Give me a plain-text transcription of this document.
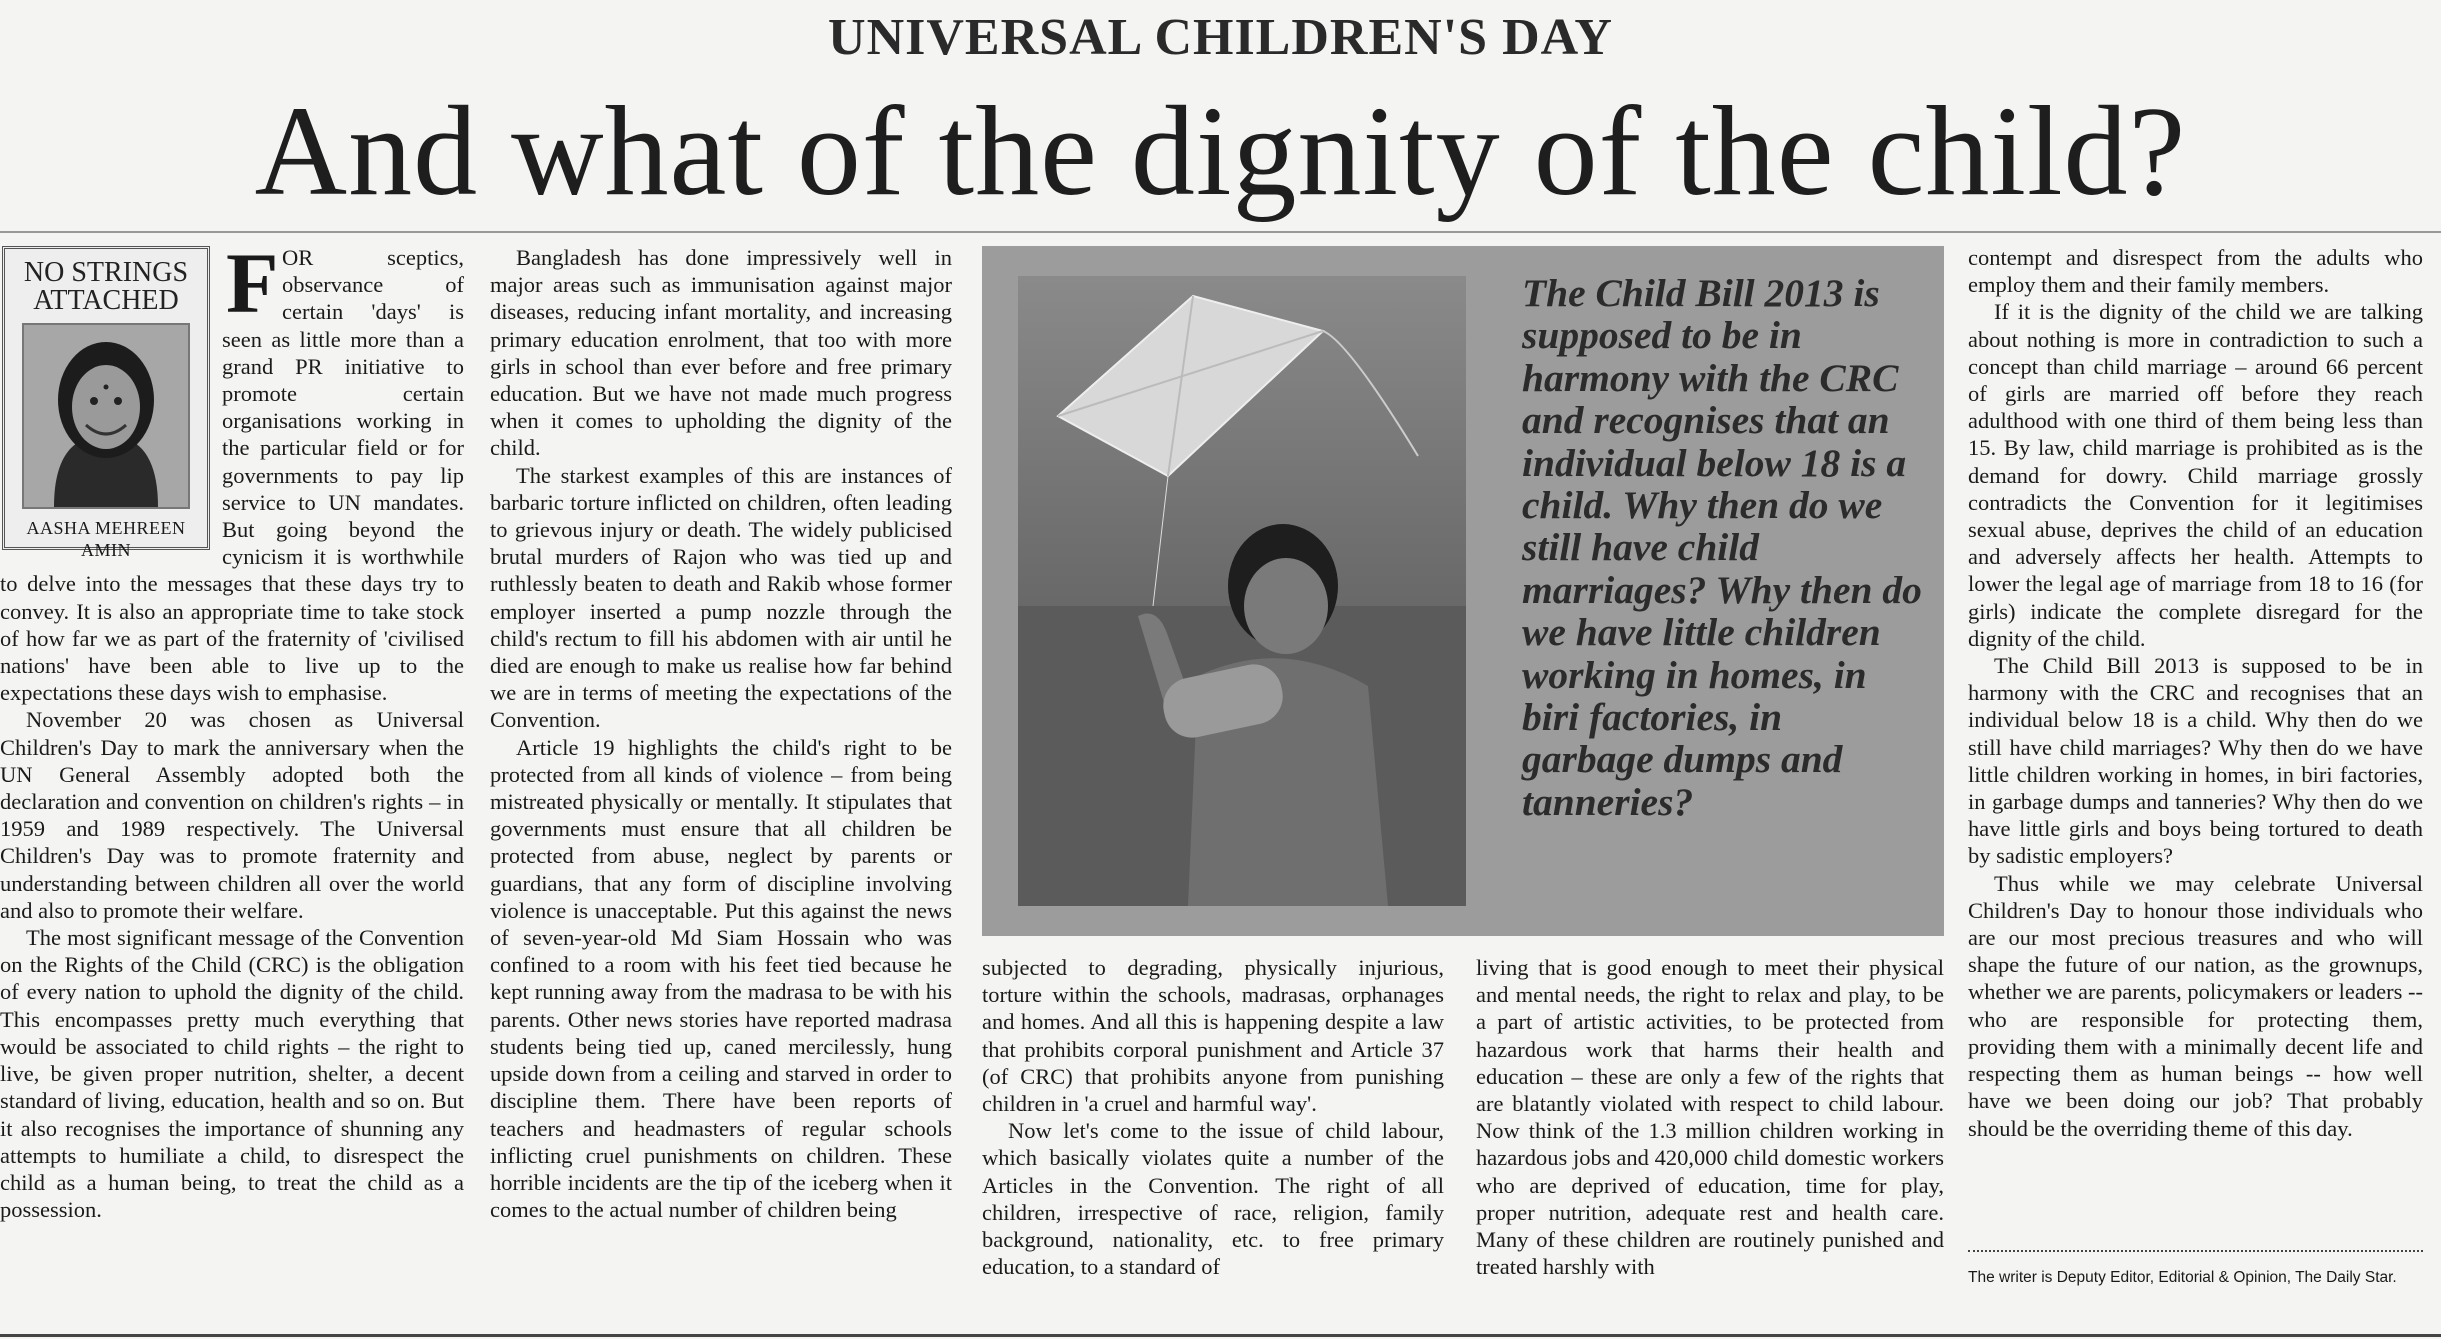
UNIVERSAL CHILDREN'S DAY
And what of the dignity of the child?
NO STRINGS ATTACHED
AASHA MEHREEN AMIN
F OR sceptics, observance of certain 'days' is seen as little more than a grand PR initiative to promote certain organisations working in the particular field or for governments to pay lip service to UN mandates. But going beyond the cynicism it is worthwhile to delve into the messages that these days try to convey. It is also an appropriate time to take stock of how far we as part of the fraternity of 'civilised nations' have been able to live up to the expectations these days wish to emphasise.

November 20 was chosen as Universal Children's Day to mark the anniversary when the UN General Assembly adopted both the declaration and convention on children's rights – in 1959 and 1989 respectively. The Universal Children's Day was to promote fraternity and understanding between children all over the world and also to promote their welfare.

The most significant message of the Convention on the Rights of the Child (CRC) is the obligation of every nation to uphold the dignity of the child. This encompasses pretty much everything that would be associated to child rights – the right to live, be given proper nutrition, shelter, a decent standard of living, education, health and so on. But it also recognises the importance of shunning any attempts to humiliate a child, to disrespect the child as a human being, to treat the child as a possession.

Bangladesh has done impressively well in major areas such as immunisation against major diseases, reducing infant mortality, and increasing primary education enrolment, that too with more girls in school than ever before and free primary education. But we have not made much progress when it comes to upholding the dignity of the child.

The starkest examples of this are instances of barbaric torture inflicted on children, often leading to grievous injury or death. The widely publicised brutal murders of Rajon who was tied up and ruthlessly beaten to death and Rakib whose former employer inserted a pump nozzle through the child's rectum to fill his abdomen with air until he died are enough to make us realise how far behind we are in terms of meeting the expectations of the Convention.

Article 19 highlights the child's right to be protected from all kinds of violence – from being mistreated physically or mentally. It stipulates that governments must ensure that all children be protected from abuse, neglect by parents or guardians, that any form of discipline involving violence is unacceptable. Put this against the news of seven-year-old Md Siam Hossain who was confined to a room with his feet tied because he kept running away from the madrasa to be with his parents. Other news stories have reported madrasa students being tied up, caned mercilessly, hung upside down from a ceiling and starved in order to discipline them. There have been reports of teachers and headmasters of regular schools inflicting cruel punishments on children. These horrible incidents are the tip of the iceberg when it comes to the actual number of children being

The Child Bill 2013 is supposed to be in harmony with the CRC and recognises that an individual below 18 is a child. Why then do we still have child marriages? Why then do we have little children working in homes, in biri factories, in garbage dumps and tanneries?

subjected to degrading, physically injurious, torture within the schools, madrasas, orphanages and homes. And all this is happening despite a law that prohibits corporal punishment and Article 37 (of CRC) that prohibits anyone from punishing children in 'a cruel and harmful way'.

Now let's come to the issue of child labour, which basically violates quite a number of the Articles in the Convention. The right of all children, irrespective of race, religion, family background, nationality, etc. to free primary education, to a standard of

living that is good enough to meet their physical and mental needs, the right to relax and play, to be a part of artistic activities, to be protected from hazardous work that harms their health and education – these are only a few of the rights that are blatantly violated with respect to child labour. Now think of the 1.3 million children working in hazardous jobs and 420,000 child domestic workers who are deprived of education, time for play, proper nutrition, adequate rest and health care. Many of these children are routinely punished and treated harshly with

contempt and disrespect from the adults who employ them and their family members.

If it is the dignity of the child we are talking about nothing is more in contradiction to such a concept than child marriage – around 66 percent of girls are married off before they reach adulthood with one third of them being less than 15. By law, child marriage is prohibited as is the demand for dowry. Child marriage grossly contradicts the Convention for it legitimises sexual abuse, deprives the child of an education and adversely affects her health. Attempts to lower the legal age of marriage from 18 to 16 (for girls) indicate the complete disregard for the dignity of the child.

The Child Bill 2013 is supposed to be in harmony with the CRC and recognises that an individual below 18 is a child. Why then do we still have child marriages? Why then do we have little children working in homes, in biri factories, in garbage dumps and tanneries? Why then do we have little girls and boys being tortured to death by sadistic employers?

Thus while we may celebrate Universal Children's Day to honour those individuals who are our most precious treasures and who will shape the future of our nation, as the grownups, whether we are parents, policymakers or leaders -- who are responsible for protecting them, providing them with a minimally decent life and respecting them as human beings -- how well have we been doing our job? That probably should be the overriding theme of this day.

The writer is Deputy Editor, Editorial & Opinion, The Daily Star.
